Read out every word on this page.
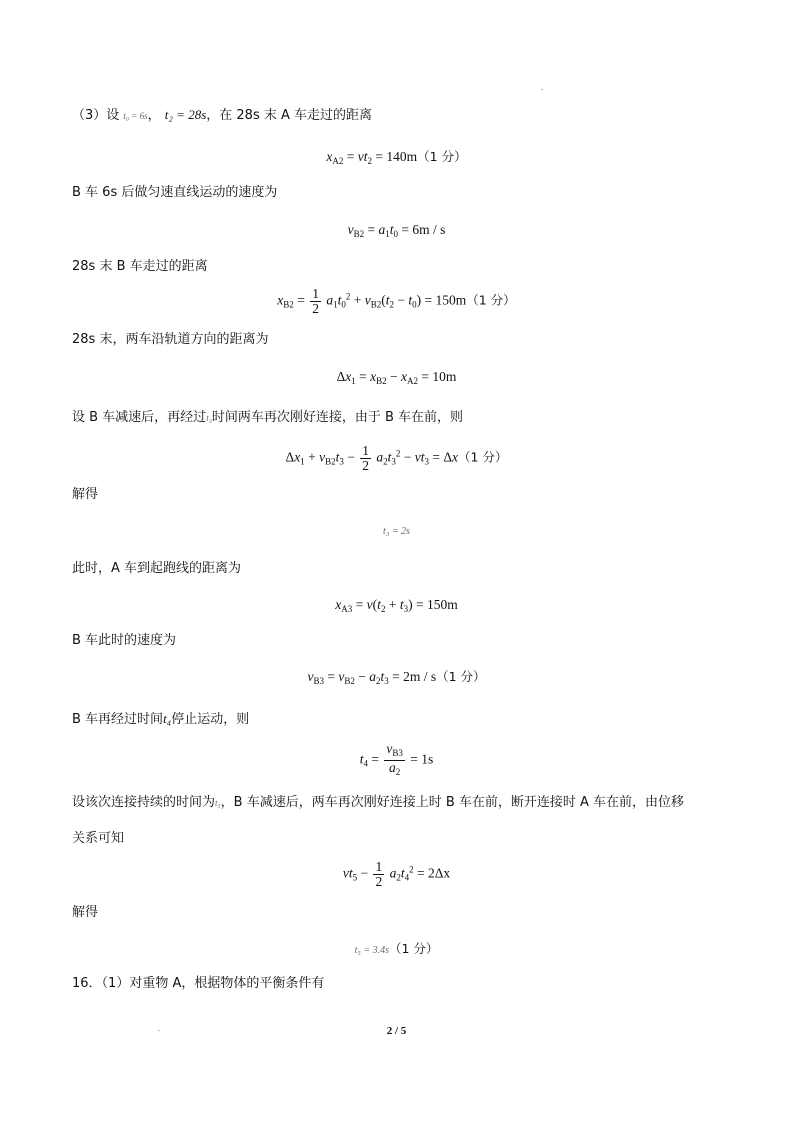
（3）设 t₀ = 6s， t₂ = 28s，在 28s 末 A 车走过的距离
$x_{A2} = vt_2 = 140m(1$ 分）
B 车 6s 后做匀速直线运动的速度为
$v_{B2} = a_1t_0 = 6m / s$
28s 末 B 车走过的距离
$x_{B2} = \frac{1}{2} a_1t_0^2 + v_{B2}(t_2 - t_0) = 150m(1$ 分）
28s 末，两车沿轨道方向的距离为
$\Delta x_1 = x_{B2} - x_{A2} = 10m$
设 B 车减速后，再经过t₃时间两车再次刚好连接，由于 B 车在前，则
$\Delta x_1 + v_{B2}t_3 - \frac{1}{2} a_2t_3^2 - vt_3 = \Delta x(1$ 分）
解得
t₃ = 2s
此时，A 车到起跑线的距离为
$x_{A3} = v(t_2 + t_3) = 150m$
B 车此时的速度为
$v_{B3} = v_{B2} - a_2t_3 = 2m / s(1$ 分）
B 车再经过时间t₄停止运动，则
$t_4 = \frac{v_{B3}}{a_2} = 1s$
设该次连接持续的时间为t₅，B 车减速后，两车再次刚好连接上时 B 车在前，断开连接时 A 车在前，由位移
关系可知
$vt_5 - \frac{1}{2} a_2t_4^2 = 2\Delta x$
解得
t₅ = 3.4s（1 分）
16．（1）对重物 A，根据物体的平衡条件有
2 / 5
